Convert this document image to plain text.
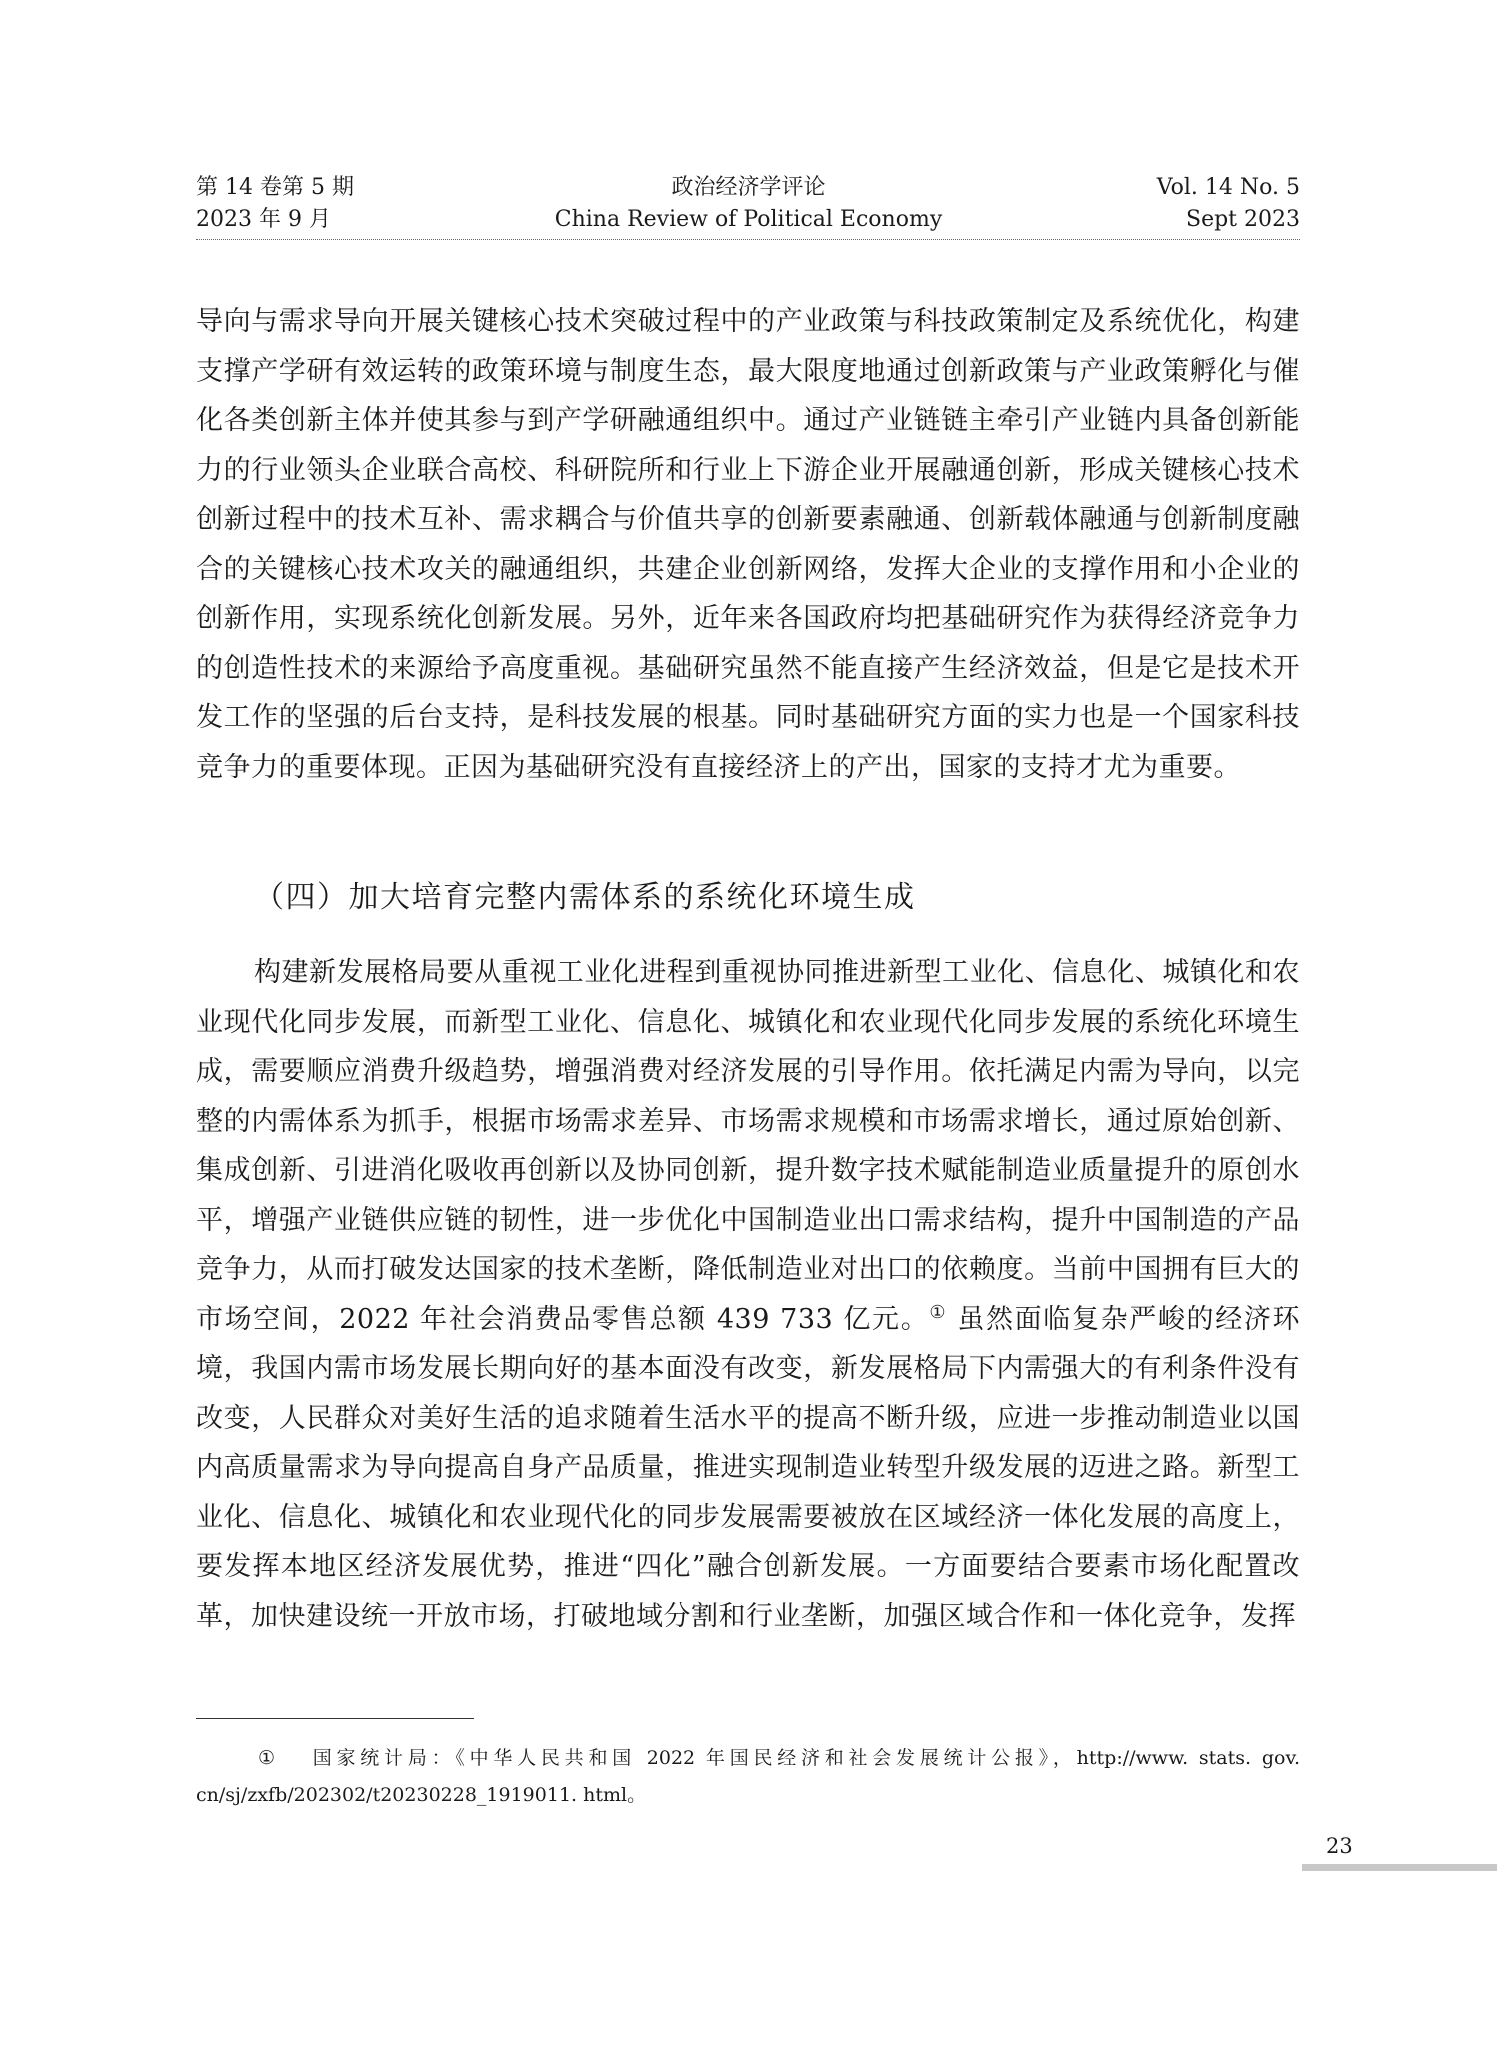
第 14 卷第 5 期
2023 年 9 月
政治经济学评论
China Review of Political Economy
Vol. 14 No. 5
Sept 2023
导向与需求导向开展关键核心技术突破过程中的产业政策与科技政策制定及系统优化，构建支撑产学研有效运转的政策环境与制度生态，最大限度地通过创新政策与产业政策孵化与催化各类创新主体并使其参与到产学研融通组织中。通过产业链链主牵引产业链内具备创新能力的行业领头企业联合高校、科研院所和行业上下游企业开展融通创新，形成关键核心技术创新过程中的技术互补、需求耦合与价值共享的创新要素融通、创新载体融通与创新制度融合的关键核心技术攻关的融通组织，共建企业创新网络，发挥大企业的支撑作用和小企业的创新作用，实现系统化创新发展。另外，近年来各国政府均把基础研究作为获得经济竞争力的创造性技术的来源给予高度重视。基础研究虽然不能直接产生经济效益，但是它是技术开发工作的坚强的后台支持，是科技发展的根基。同时基础研究方面的实力也是一个国家科技竞争力的重要体现。正因为基础研究没有直接经济上的产出，国家的支持才尤为重要。
（四）加大培育完整内需体系的系统化环境生成
构建新发展格局要从重视工业化进程到重视协同推进新型工业化、信息化、城镇化和农业现代化同步发展，而新型工业化、信息化、城镇化和农业现代化同步发展的系统化环境生成，需要顺应消费升级趋势，增强消费对经济发展的引导作用。依托满足内需为导向，以完整的内需体系为抓手，根据市场需求差异、市场需求规模和市场需求增长，通过原始创新、集成创新、引进消化吸收再创新以及协同创新，提升数字技术赋能制造业质量提升的原创水平，增强产业链供应链的韧性，进一步优化中国制造业出口需求结构，提升中国制造的产品竞争力，从而打破发达国家的技术垄断，降低制造业对出口的依赖度。当前中国拥有巨大的市场空间，2022 年社会消费品零售总额 439 733 亿元。① 虽然面临复杂严峻的经济环境，我国内需市场发展长期向好的基本面没有改变，新发展格局下内需强大的有利条件没有改变，人民群众对美好生活的追求随着生活水平的提高不断升级，应进一步推动制造业以国内高质量需求为导向提高自身产品质量，推进实现制造业转型升级发展的迈进之路。新型工业化、信息化、城镇化和农业现代化的同步发展需要被放在区域经济一体化发展的高度上，要发挥本地区经济发展优势，推进“四化”融合创新发展。一方面要结合要素市场化配置改革，加快建设统一开放市场，打破地域分割和行业垄断，加强区域合作和一体化竞争，发挥
① 国家统计局：《中华人民共和国 2022 年国民经济和社会发展统计公报》，http://www. stats. gov. cn/sj/zxfb/202302/t20230228_1919011. html。
23
